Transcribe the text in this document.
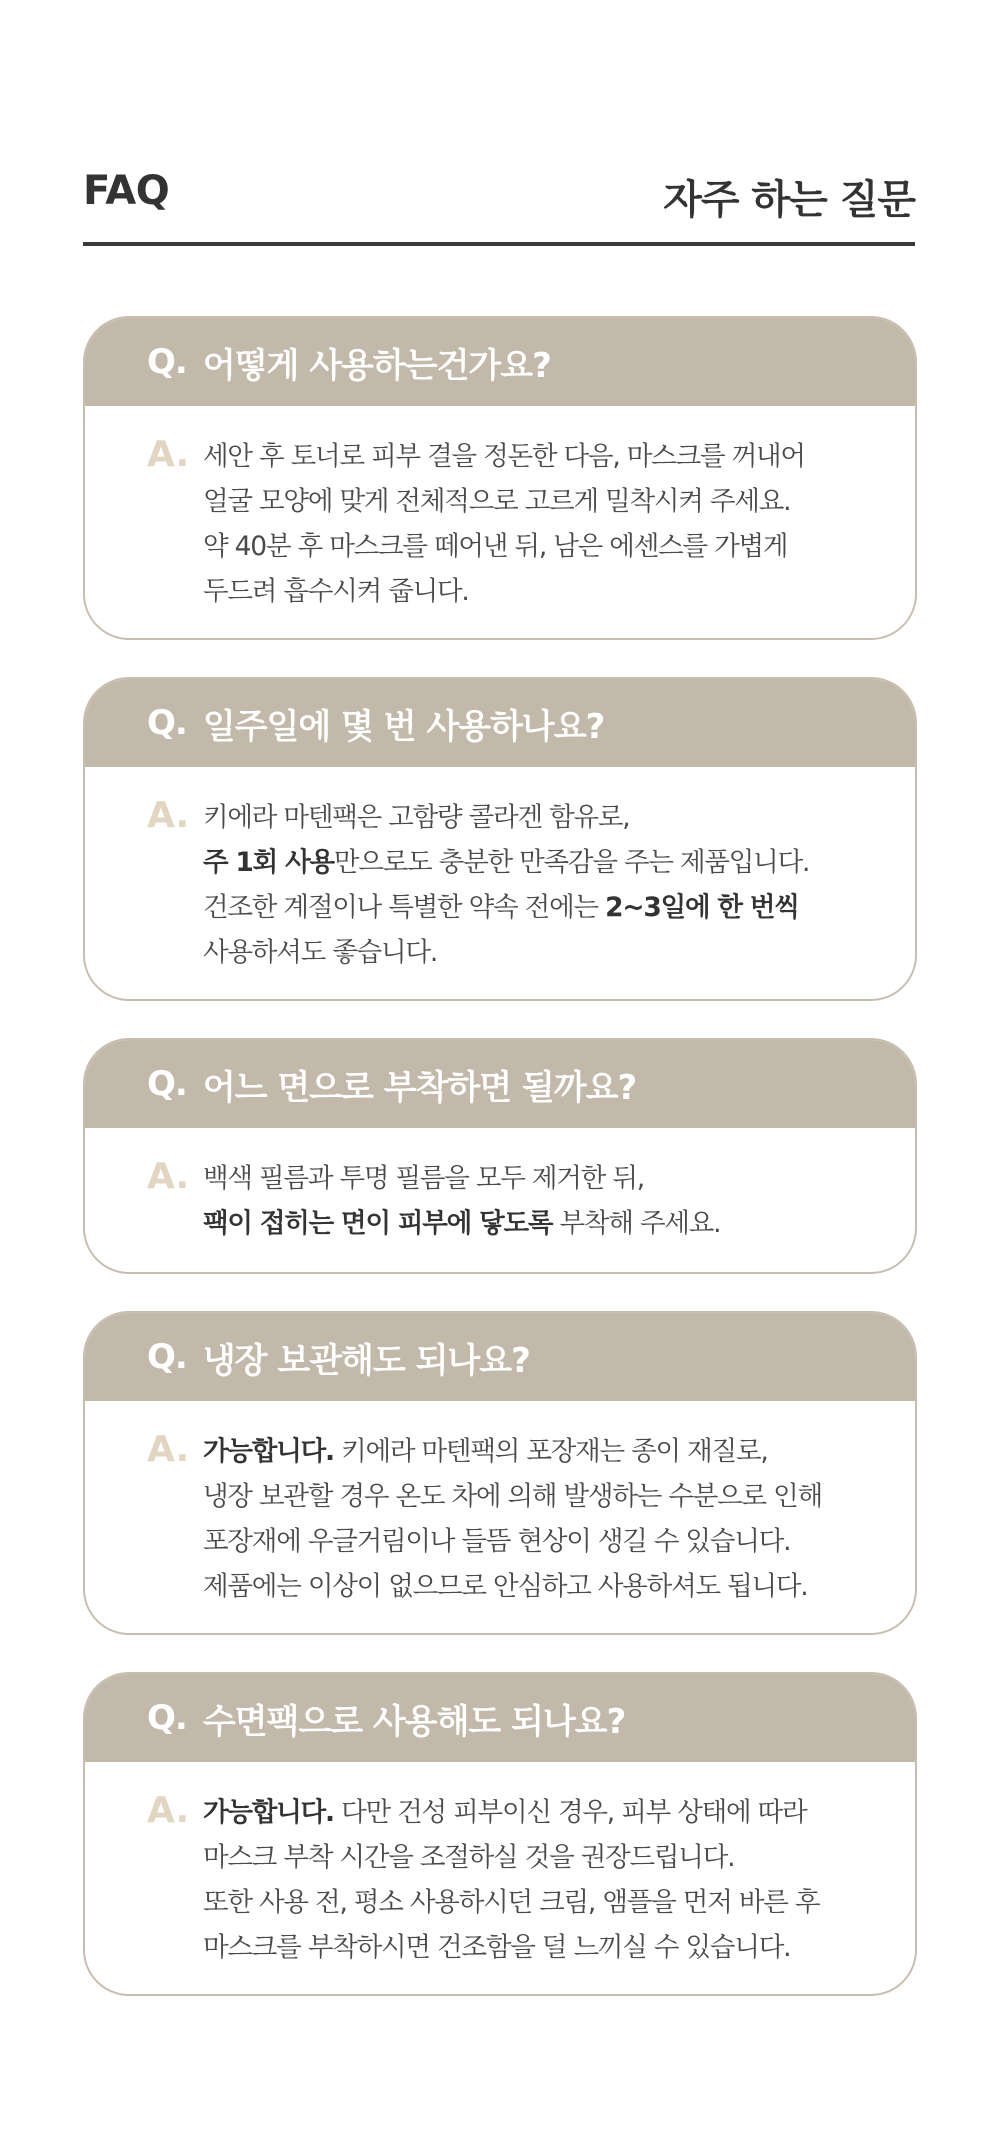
FAQ	자주 하는 질문
Q. 어떻게 사용하는건가요?
A. 세안 후 토너로 피부 결을 정돈한 다음, 마스크를 꺼내어
얼굴 모양에 맞게 전체적으로 고르게 밀착시켜 주세요.
약 40분 후 마스크를 떼어낸 뒤, 남은 에센스를 가볍게
두드려 흡수시켜 줍니다.
Q. 일주일에 몇 번 사용하나요?
A. 키에라 마텐팩은 고함량 콜라겐 함유로,
주 1회 사용만으로도 충분한 만족감을 주는 제품입니다.
건조한 계절이나 특별한 약속 전에는 2~3일에 한 번씩
사용하셔도 좋습니다.
Q. 어느 면으로 부착하면 될까요?
A. 백색 필름과 투명 필름을 모두 제거한 뒤,
팩이 접히는 면이 피부에 닿도록 부착해 주세요.
Q. 냉장 보관해도 되나요?
A. 가능합니다. 키에라 마텐팩의 포장재는 종이 재질로,
냉장 보관할 경우 온도 차에 의해 발생하는 수분으로 인해
포장재에 우글거림이나 들뜸 현상이 생길 수 있습니다.
제품에는 이상이 없으므로 안심하고 사용하셔도 됩니다.
Q. 수면팩으로 사용해도 되나요?
A. 가능합니다. 다만 건성 피부이신 경우, 피부 상태에 따라
마스크 부착 시간을 조절하실 것을 권장드립니다.
또한 사용 전, 평소 사용하시던 크림, 앰플을 먼저 바른 후
마스크를 부착하시면 건조함을 덜 느끼실 수 있습니다.
